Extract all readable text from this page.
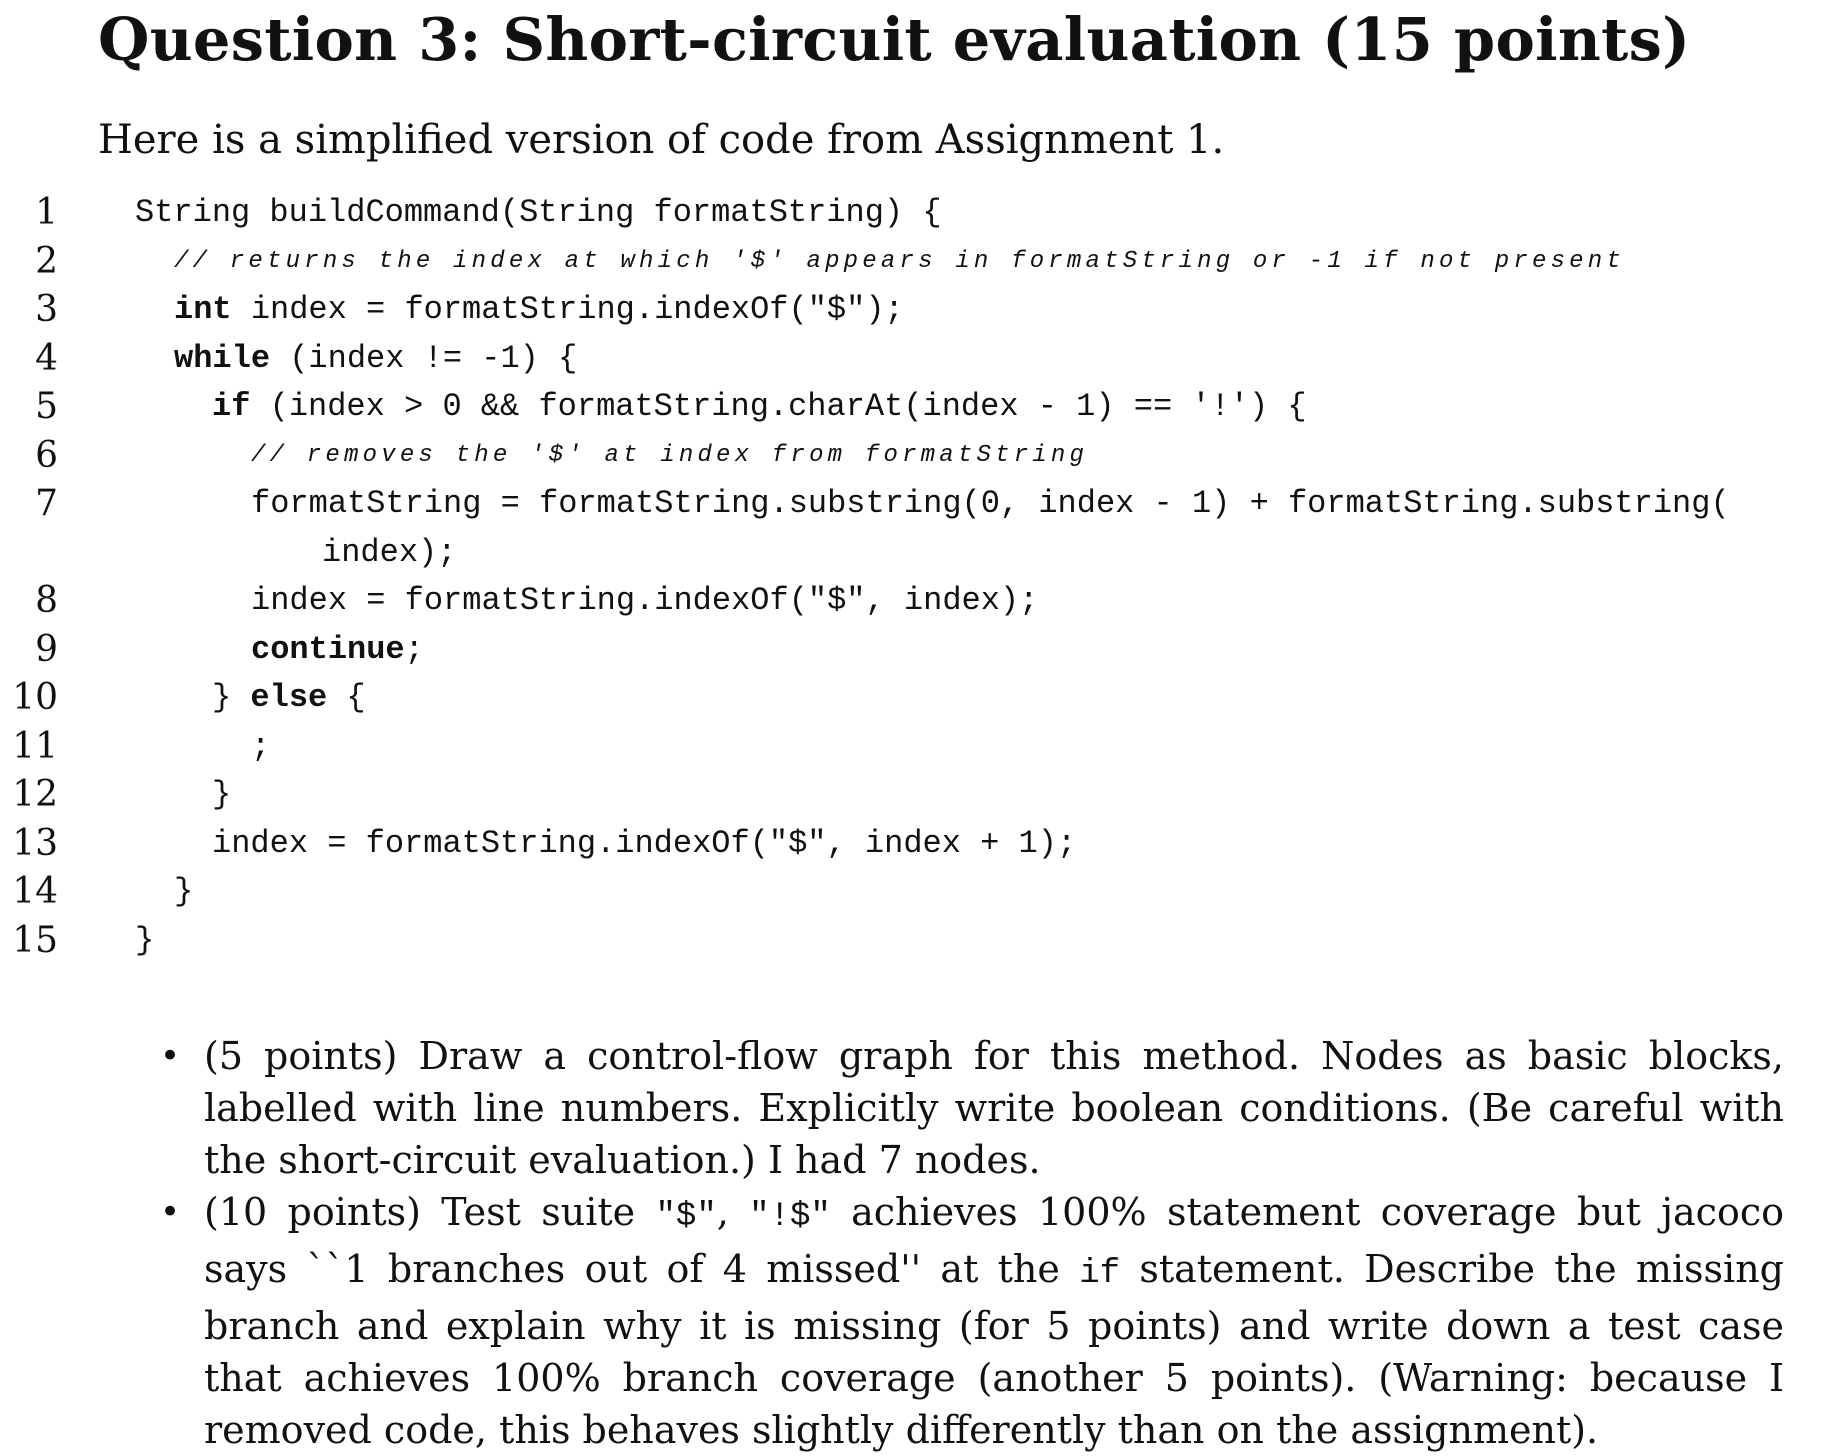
Question 3: Short-circuit evaluation (15 points)

Here is a simplified version of code from Assignment 1.

1 String buildCommand(String formatString) {
2	// returns the index at which '$' appears in formatString or -1 if not present
3	int index = formatString.indexOf("$");
4	while (index != -1) {
5	if (index > 0 && formatString.charAt(index - 1) == '!') {
6	// removes the '$' at index from formatString
7	formatString = formatString.substring(0, index - 1) + formatString.substring(
index);
8	index = formatString.indexOf("$", index);
9	continue;
10	} else {
11	;
12	}
13	index = formatString.indexOf("$", index + 1);
14	}
15 }
• (5 points) Draw a control-flow graph for this method. Nodes as basic blocks, labelled with line numbers. Explicitly write boolean conditions. (Be careful with the short-circuit evaluation.) I had 7 nodes.
• (10 points) Test suite "$", "!$" achieves 100% statement coverage but jacoco says ``1 branches out of 4 missed'' at the if statement. Describe the missing branch and explain why it is missing (for 5 points) and write down a test case that achieves 100% branch coverage (another 5 points). (Warning: because I removed code, this behaves slightly differently than on the assignment).
